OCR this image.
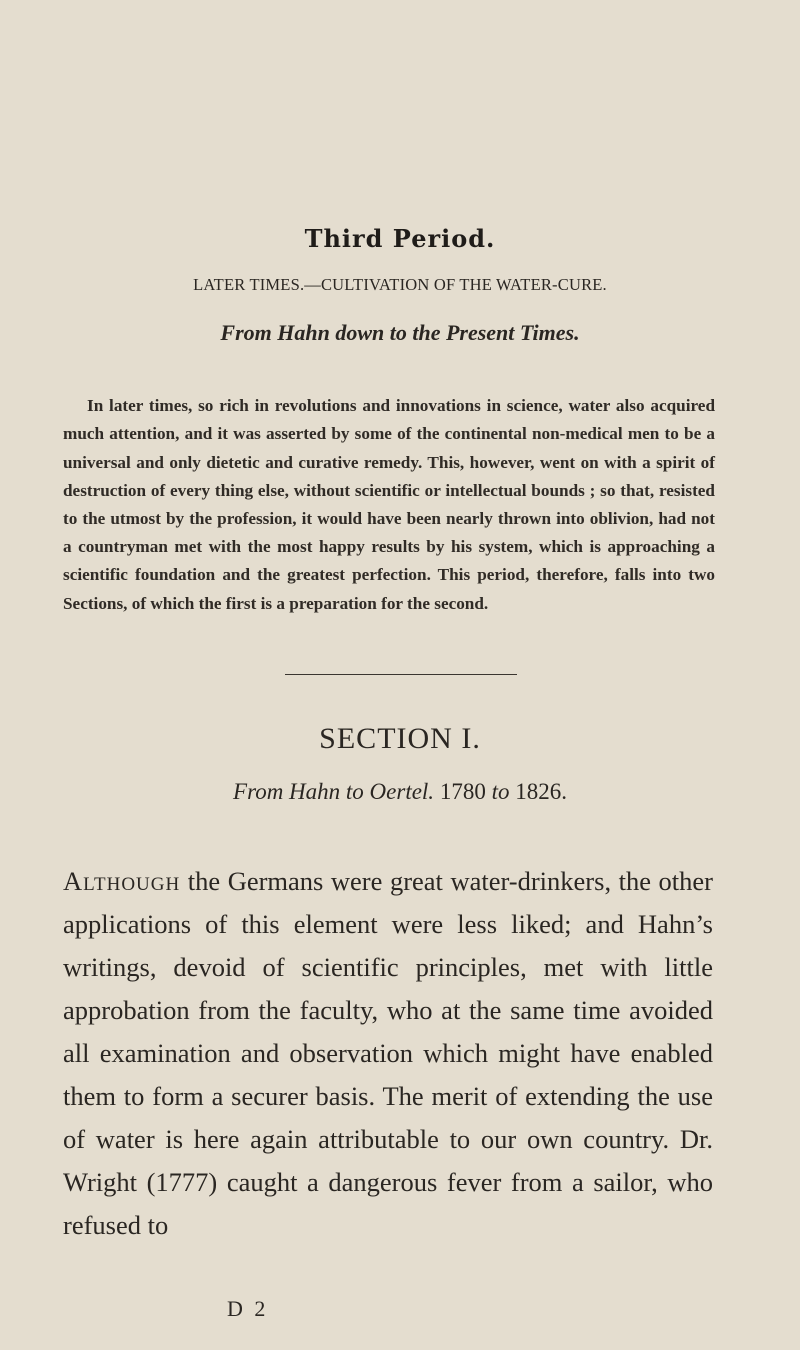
Third Period.
LATER TIMES.—CULTIVATION OF THE WATER-CURE.
From Hahn down to the Present Times.

In later times, so rich in revolutions and innovations in science, water also acquired much attention, and it was asserted by some of the continental non-medical men to be a universal and only dietetic and curative remedy. This, however, went on with a spirit of destruction of every thing else, without scientific or intellectual bounds ; so that, resisted to the utmost by the profession, it would have been nearly thrown into oblivion, had not a countryman met with the most happy results by his system, which is approaching a scientific foundation and the greatest perfection. This period, therefore, falls into two Sections, of which the first is a preparation for the second.

SECTION I.
From Hahn to Oertel. 1780 to 1826.

Although the Germans were great water-drinkers, the other applications of this element were less liked; and Hahn’s writings, devoid of scientific principles, met with little approbation from the faculty, who at the same time avoided all examination and observation which might have enabled them to form a securer basis. The merit of extending the use of water is here again attributable to our own country. Dr. Wright (1777) caught a dangerous fever from a sailor, who refused to

D 2
